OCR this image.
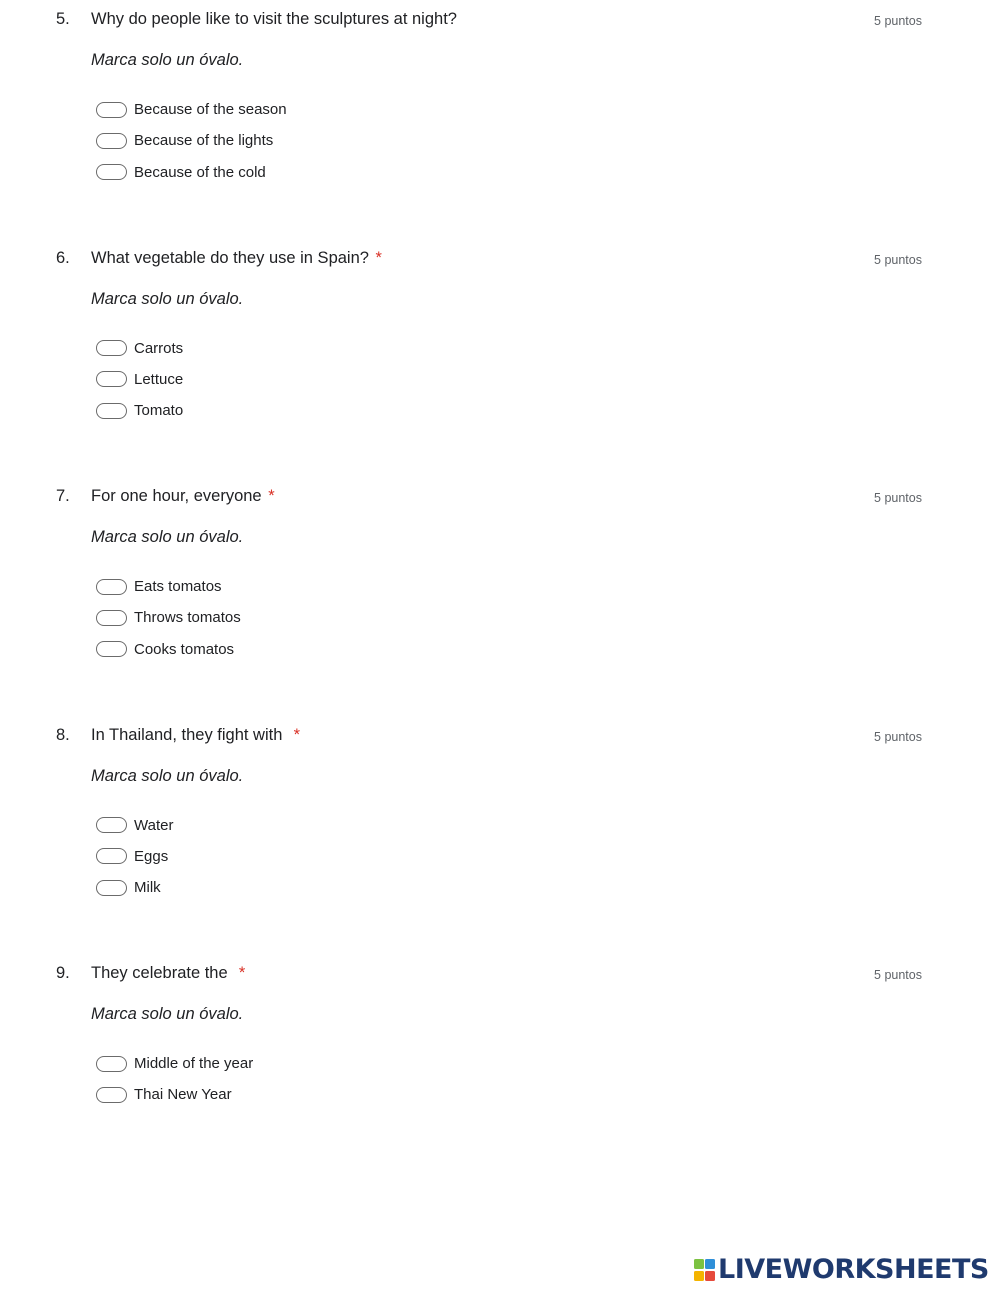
5. Why do people like to visit the sculptures at night?	5 puntos
Marca solo un óvalo.
Because of the season
Because of the lights
Because of the cold
6. What vegetable do they use in Spain? *	5 puntos
Marca solo un óvalo.
Carrots
Lettuce
Tomato
7. For one hour, everyone *	5 puntos
Marca solo un óvalo.
Eats tomatos
Throws tomatos
Cooks tomatos
8. In Thailand, they fight with *	5 puntos
Marca solo un óvalo.
Water
Eggs
Milk
9. They celebrate the *	5 puntos
Marca solo un óvalo.
Middle of the year
Thai New Year
LIVEWORKSHEETS
